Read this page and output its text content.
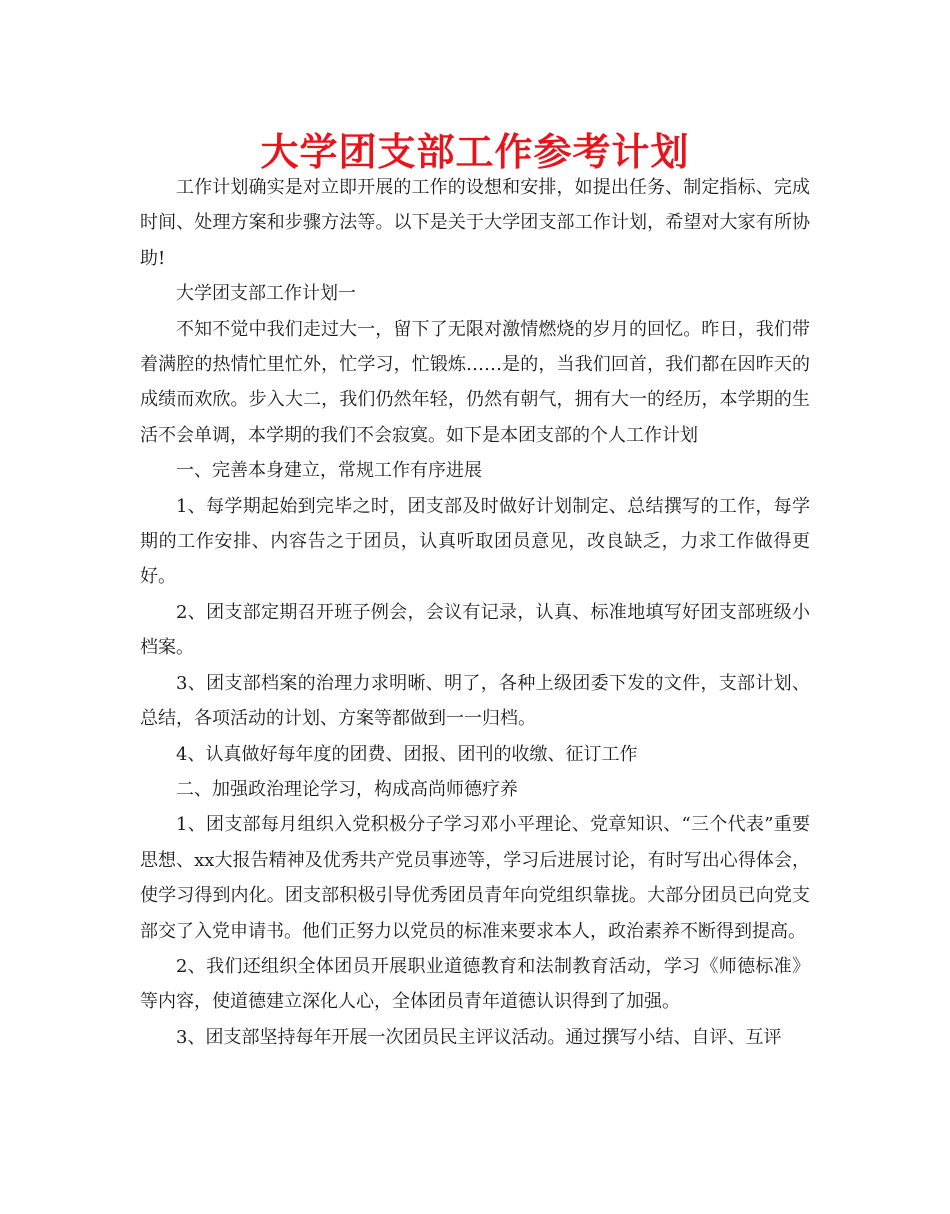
大学团支部工作参考计划

工作计划确实是对立即开展的工作的设想和安排，如提出任务、制定指标、完成时间、处理方案和步骤方法等。以下是关于大学团支部工作计划，希望对大家有所协助!

大学团支部工作计划一

不知不觉中我们走过大一，留下了无限对激情燃烧的岁月的回忆。昨日，我们带着满腔的热情忙里忙外，忙学习，忙锻炼……是的，当我们回首，我们都在因昨天的成绩而欢欣。步入大二，我们仍然年轻，仍然有朝气，拥有大一的经历，本学期的生活不会单调，本学期的我们不会寂寞。如下是本团支部的个人工作计划

一、完善本身建立，常规工作有序进展

1、每学期起始到完毕之时，团支部及时做好计划制定、总结撰写的工作，每学期的工作安排、内容告之于团员，认真听取团员意见，改良缺乏，力求工作做得更好。

2、团支部定期召开班子例会，会议有记录，认真、标准地填写好团支部班级小档案。

3、团支部档案的治理力求明晰、明了，各种上级团委下发的文件，支部计划、总结，各项活动的计划、方案等都做到一一归档。

4、认真做好每年度的团费、团报、团刊的收缴、征订工作

二、加强政治理论学习，构成高尚师德疗养

1、团支部每月组织入党积极分子学习邓小平理论、党章知识、“三个代表”重要思想、xx大报告精神及优秀共产党员事迹等，学习后进展讨论，有时写出心得体会，使学习得到内化。团支部积极引导优秀团员青年向党组织靠拢。大部分团员已向党支部交了入党申请书。他们正努力以党员的标准来要求本人，政治素养不断得到提高。

2、我们还组织全体团员开展职业道德教育和法制教育活动，学习《师德标准》等内容，使道德建立深化人心，全体团员青年道德认识得到了加强。

3、团支部坚持每年开展一次团员民主评议活动。通过撰写小结、自评、互评
